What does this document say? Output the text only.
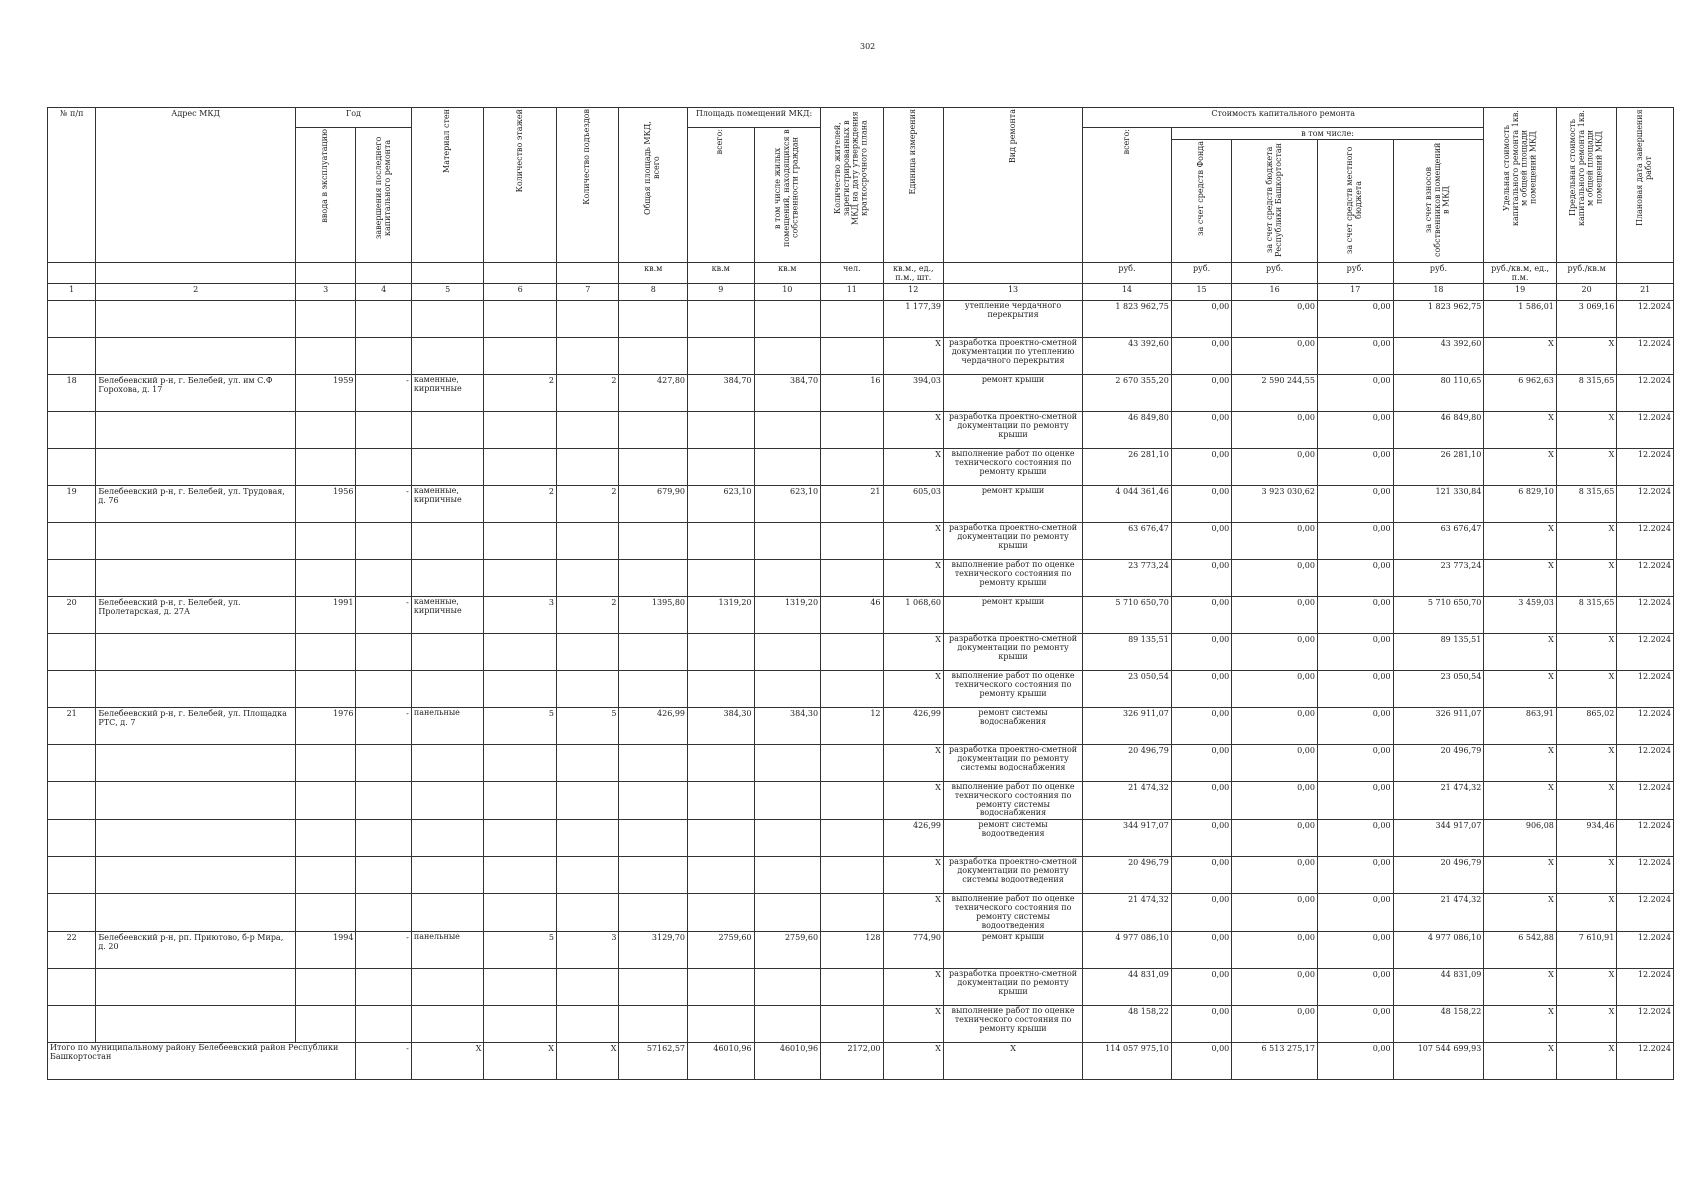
302
№ п/п	Адрес МКД	Год		Материал стен	Количество этажей	Количество подъездов	Общая площадь МКД, всего	Площадь помещений МКД:		Количество жителей, зарегистрированных в МКД на дату утверждения краткосрочного плана	Единица измерения	Вид ремонта	Стоимость капитального ремонта					Удельная стоимость капитального ремонта 1кв. м общей площади помещений МКД	Предельная стоимость капитального ремонта 1кв. м общей площади помещений МКД	Плановая дата завершения работ
		ввода в эксплуатацию	завершения последнего капитального ремонта					всего:	в том числе жилых помещений, находящихся в собственности граждан				всего:	в том числе:						
														за счет средств Фонда	за счет средств бюджета Республики Башкортостан	за счет средств местного бюджета	за счет взносов собственников помещений в МКД			
							кв.м	кв.м	кв.м	чел.	кв.м., ед., п.м., шт.		руб.	руб.	руб.	руб.	руб.	руб./кв.м, ед., п.м.	руб./кв.м	
1	2	3	4	5	6	7	8	9	10	11	12	13	14	15	16	17	18	19	20	21
											1 177,39	утепление чердачного перекрытия	1 823 962,75	0,00	0,00	0,00	1 823 962,75	1 586,01	3 069,16	12.2024
											X	разработка проектно-сметной документации по утеплению чердачного перекрытия	43 392,60	0,00	0,00	0,00	43 392,60	X	X	12.2024
18	Белебеевский р-н, г. Белебей, ул. им С.Ф Горохова, д. 17	1959	-	каменные, кирпичные	2	2	427,80	384,70	384,70	16	394,03	ремонт крыши	2 670 355,20	0,00	2 590 244,55	0,00	80 110,65	6 962,63	8 315,65	12.2024
											X	разработка проектно-сметной документации по ремонту крыши	46 849,80	0,00	0,00	0,00	46 849,80	X	X	12.2024
											X	выполнение работ по оценке технического состояния по ремонту крыши	26 281,10	0,00	0,00	0,00	26 281,10	X	X	12.2024
19	Белебеевский р-н, г. Белебей, ул. Трудовая, д. 76	1956	-	каменные, кирпичные	2	2	679,90	623,10	623,10	21	605,03	ремонт крыши	4 044 361,46	0,00	3 923 030,62	0,00	121 330,84	6 829,10	8 315,65	12.2024
											X	разработка проектно-сметной документации по ремонту крыши	63 676,47	0,00	0,00	0,00	63 676,47	X	X	12.2024
											X	выполнение работ по оценке технического состояния по ремонту крыши	23 773,24	0,00	0,00	0,00	23 773,24	X	X	12.2024
20	Белебеевский р-н, г. Белебей, ул. Пролетарская, д. 27А	1991	-	каменные, кирпичные	3	2	1395,80	1319,20	1319,20	46	1 068,60	ремонт крыши	5 710 650,70	0,00	0,00	0,00	5 710 650,70	3 459,03	8 315,65	12.2024
											X	разработка проектно-сметной документации по ремонту крыши	89 135,51	0,00	0,00	0,00	89 135,51	X	X	12.2024
											X	выполнение работ по оценке технического состояния по ремонту крыши	23 050,54	0,00	0,00	0,00	23 050,54	X	X	12.2024
21	Белебеевский р-н, г. Белебей, ул. Площадка РТС, д. 7	1976	-	панельные	5	5	426,99	384,30	384,30	12	426,99	ремонт системы водоснабжения	326 911,07	0,00	0,00	0,00	326 911,07	863,91	865,02	12.2024
											X	разработка проектно-сметной документации по ремонту системы водоснабжения	20 496,79	0,00	0,00	0,00	20 496,79	X	X	12.2024
											X	выполнение работ по оценке технического состояния по ремонту системы водоснабжения	21 474,32	0,00	0,00	0,00	21 474,32	X	X	12.2024
											426,99	ремонт системы водоотведения	344 917,07	0,00	0,00	0,00	344 917,07	906,08	934,46	12.2024
											X	разработка проектно-сметной документации по ремонту системы водоотведения	20 496,79	0,00	0,00	0,00	20 496,79	X	X	12.2024
											X	выполнение работ по оценке технического состояния по ремонту системы водоотведения	21 474,32	0,00	0,00	0,00	21 474,32	X	X	12.2024
22	Белебеевский р-н, рп. Приютово, б-р Мира, д. 20	1994	-	панельные	5	3	3129,70	2759,60	2759,60	128	774,90	ремонт крыши	4 977 086,10	0,00	0,00	0,00	4 977 086,10	6 542,88	7 610,91	12.2024
											X	разработка проектно-сметной документации по ремонту крыши	44 831,09	0,00	0,00	0,00	44 831,09	X	X	12.2024
											X	выполнение работ по оценке технического состояния по ремонту крыши	48 158,22	0,00	0,00	0,00	48 158,22	X	X	12.2024
Итого по муниципальному району Белебеевский район Республики Башкортостан			-	X	X	X	57162,57	46010,96	46010,96	2172,00	X	X	114 057 975,10	0,00	6 513 275,17	0,00	107 544 699,93	X	X	12.2024
